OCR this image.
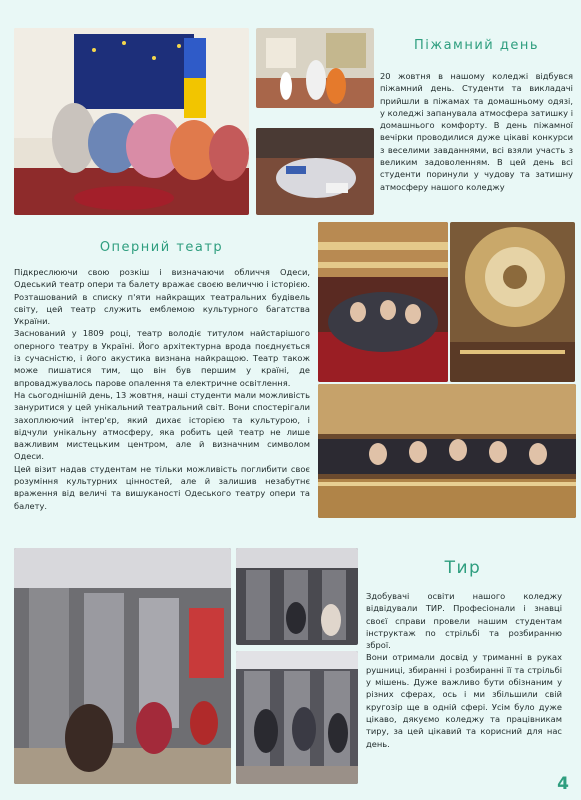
Піжамний день
20 жовтня в нашому коледжі відбувся піжамний день. Студенти та викладачі прийшли в піжамах та домашньому одязі, у коледжі запанувала атмосфера затишку і домашнього комфорту. В день піжамної вечірки проводилися дуже цікаві конкурси з веселими завданнями, всі взяли участь з великим задоволенням. В цей день всі студенти поринули у чудову та затишну атмосферу нашого коледжу
Оперний театр

Підкреслюючи свою розкіш і визначаючи обличчя Одеси, Одеський театр опери та балету вражає своєю величчю і історією. Розташований в списку п'яти найкращих театральних будівель світу, цей театр служить емблемою культурного багатства України.

Заснований у 1809 році, театр володіє титулом найстарішого оперного театру в Україні. Його архітектурна врода поєднується із сучасністю, і його акустика визнана найкращою. Театр також може пишатися тим, що він був першим у країні, де впроваджувалось парове опалення та електричне освітлення.

На сьогоднішній день, 13 жовтня, наші студенти мали можливість зануритися у цей унікальний театральний світ. Вони спостерігали захоплюючий інтер'єр, який дихає історією та культурою, і відчули унікальну атмосферу, яка робить цей театр не лише важливим мистецьким центром, але й визначним символом Одеси.

Цей візит надав студентам не тільки можливість поглибити своє розуміння культурних цінностей, але й залишив незабутнє враження від величі та вишуканості Одеського театру опери та балету.

Тир

Здобувачі освіти нашого коледжу відвідували ТИР. Професіонали і знавці своєї справи провели нашим студентам інструктаж по стрільбі та розбиранню зброї.

Вони отримали досвід у триманні в руках рушниці, збиранні і розбиранні її та стрільбі у мішень. Дуже важливо бути обізнаним у різних сферах, ось і ми збільшили свій кругозір ще в одній сфері. Усім було дуже цікаво, дякуємо коледжу та працівникам тиру, за цей цікавий та корисний для нас день.

4
